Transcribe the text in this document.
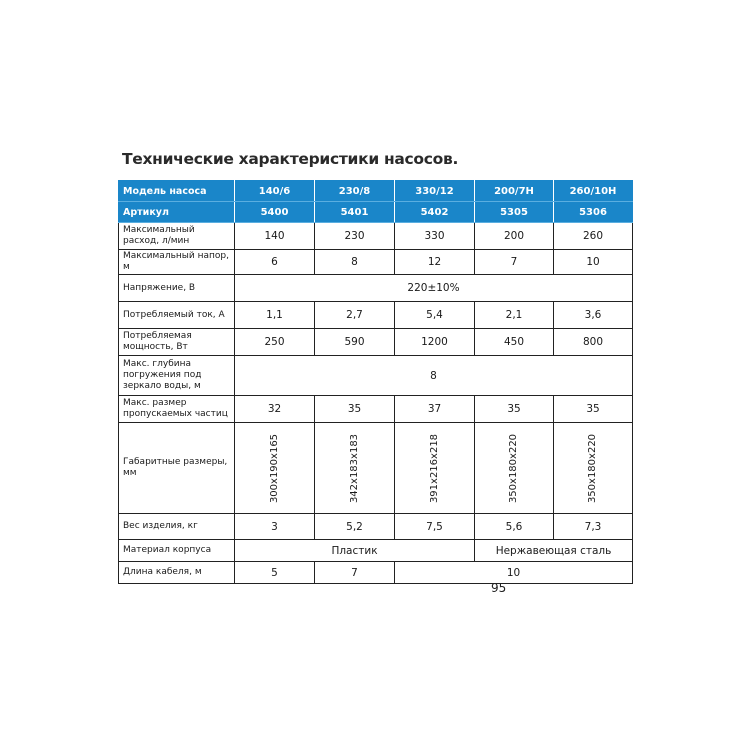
Технические характеристики насосов.
Модель насоса	140/6	230/8	330/12	200/7H	260/10H
Артикул	5400	5401	5402	5305	5306
Максимальный расход, л/мин	140	230	330	200	260
Максимальный напор, м	6	8	12	7	10
Напряжение, В	220±10%				
Потребляемый ток, А	1,1	2,7	5,4	2,1	3,6
Потребляемая мощность, Вт	250	590	1200	450	800
Макс. глубина погружения под зеркало воды, м	8				
Макс. размер пропускаемых частиц	32	35	37	35	35
Габаритные размеры, мм	300x190x165	342x183x183	391x216x218	350x180x220	350x180x220
Вес изделия, кг	3	5,2	7,5	5,6	7,3
Материал корпуса	Пластик			Нержавеющая сталь	
Длина кабеля, м	5	7	10		
95
